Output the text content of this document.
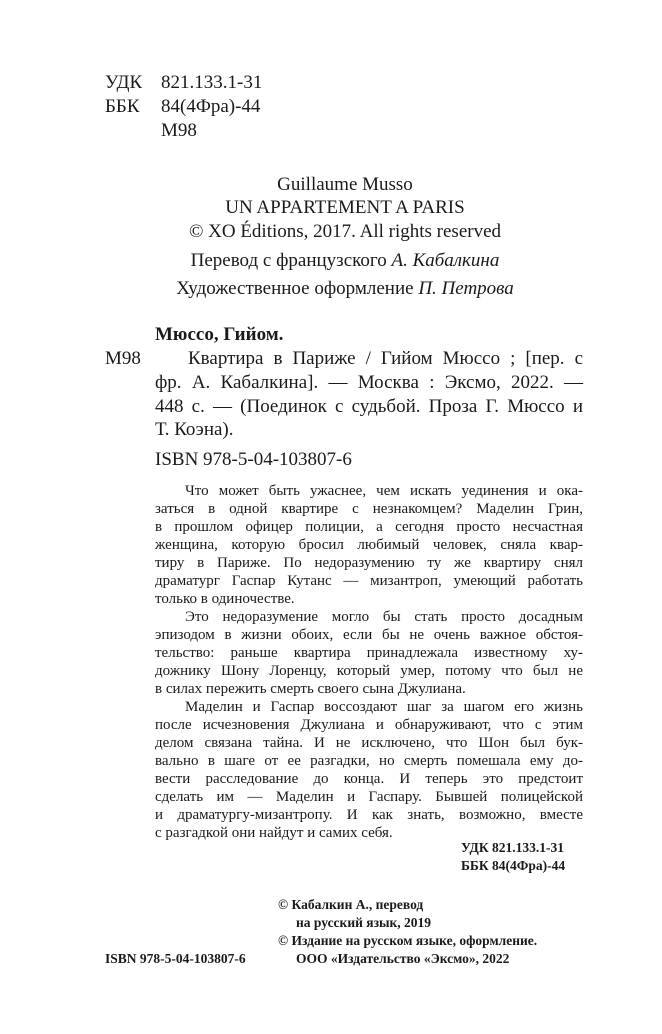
УДК 821.133.1-31
ББК 84(4Фра)-44
М98
Guillaume Musso
UN APPARTEMENT A PARIS
© XO Éditions, 2017. All rights reserved
Перевод с французского А. Кабалкина
Художественное оформление П. Петрова
Мюссо, Гийом.
М98 Квартира в Париже / Гийом Мюссо ; [пер. с
фр. А. Кабалкина]. — Москва : Эксмо, 2022. —
448 с. — (Поединок с судьбой. Проза Г. Мюссо и
Т. Коэна).
ISBN 978-5-04-103807-6
Что может быть ужаснее, чем искать уединения и ока-
заться в одной квартире с незнакомцем? Маделин Грин,
в прошлом офицер полиции, а сегодня просто несчастная
женщина, которую бросил любимый человек, сняла квар-
тиру в Париже. По недоразумению ту же квартиру снял
драматург Гаспар Кутанс — мизантроп, умеющий работать
только в одиночестве.
Это недоразумение могло бы стать просто досадным
эпизодом в жизни обоих, если бы не очень важное обстоя-
тельство: раньше квартира принадлежала известному ху-
дожнику Шону Лоренцу, который умер, потому что был не
в силах пережить смерть своего сына Джулиана.
Маделин и Гаспар воссоздают шаг за шагом его жизнь
после исчезновения Джулиана и обнаруживают, что с этим
делом связана тайна. И не исключено, что Шон был бук-
вально в шаге от ее разгадки, но смерть помешала ему до-
вести расследование до конца. И теперь это предстоит
сделать им — Маделин и Гаспару. Бывшей полицейской
и драматургу-мизантропу. И как знать, возможно, вместе
с разгадкой они найдут и самих себя.
УДК 821.133.1-31
ББК 84(4Фра)-44
© Кабалкин А., перевод
на русский язык, 2019
© Издание на русском языке, оформление.
ООО «Издательство «Эксмо», 2022
ISBN 978-5-04-103807-6
